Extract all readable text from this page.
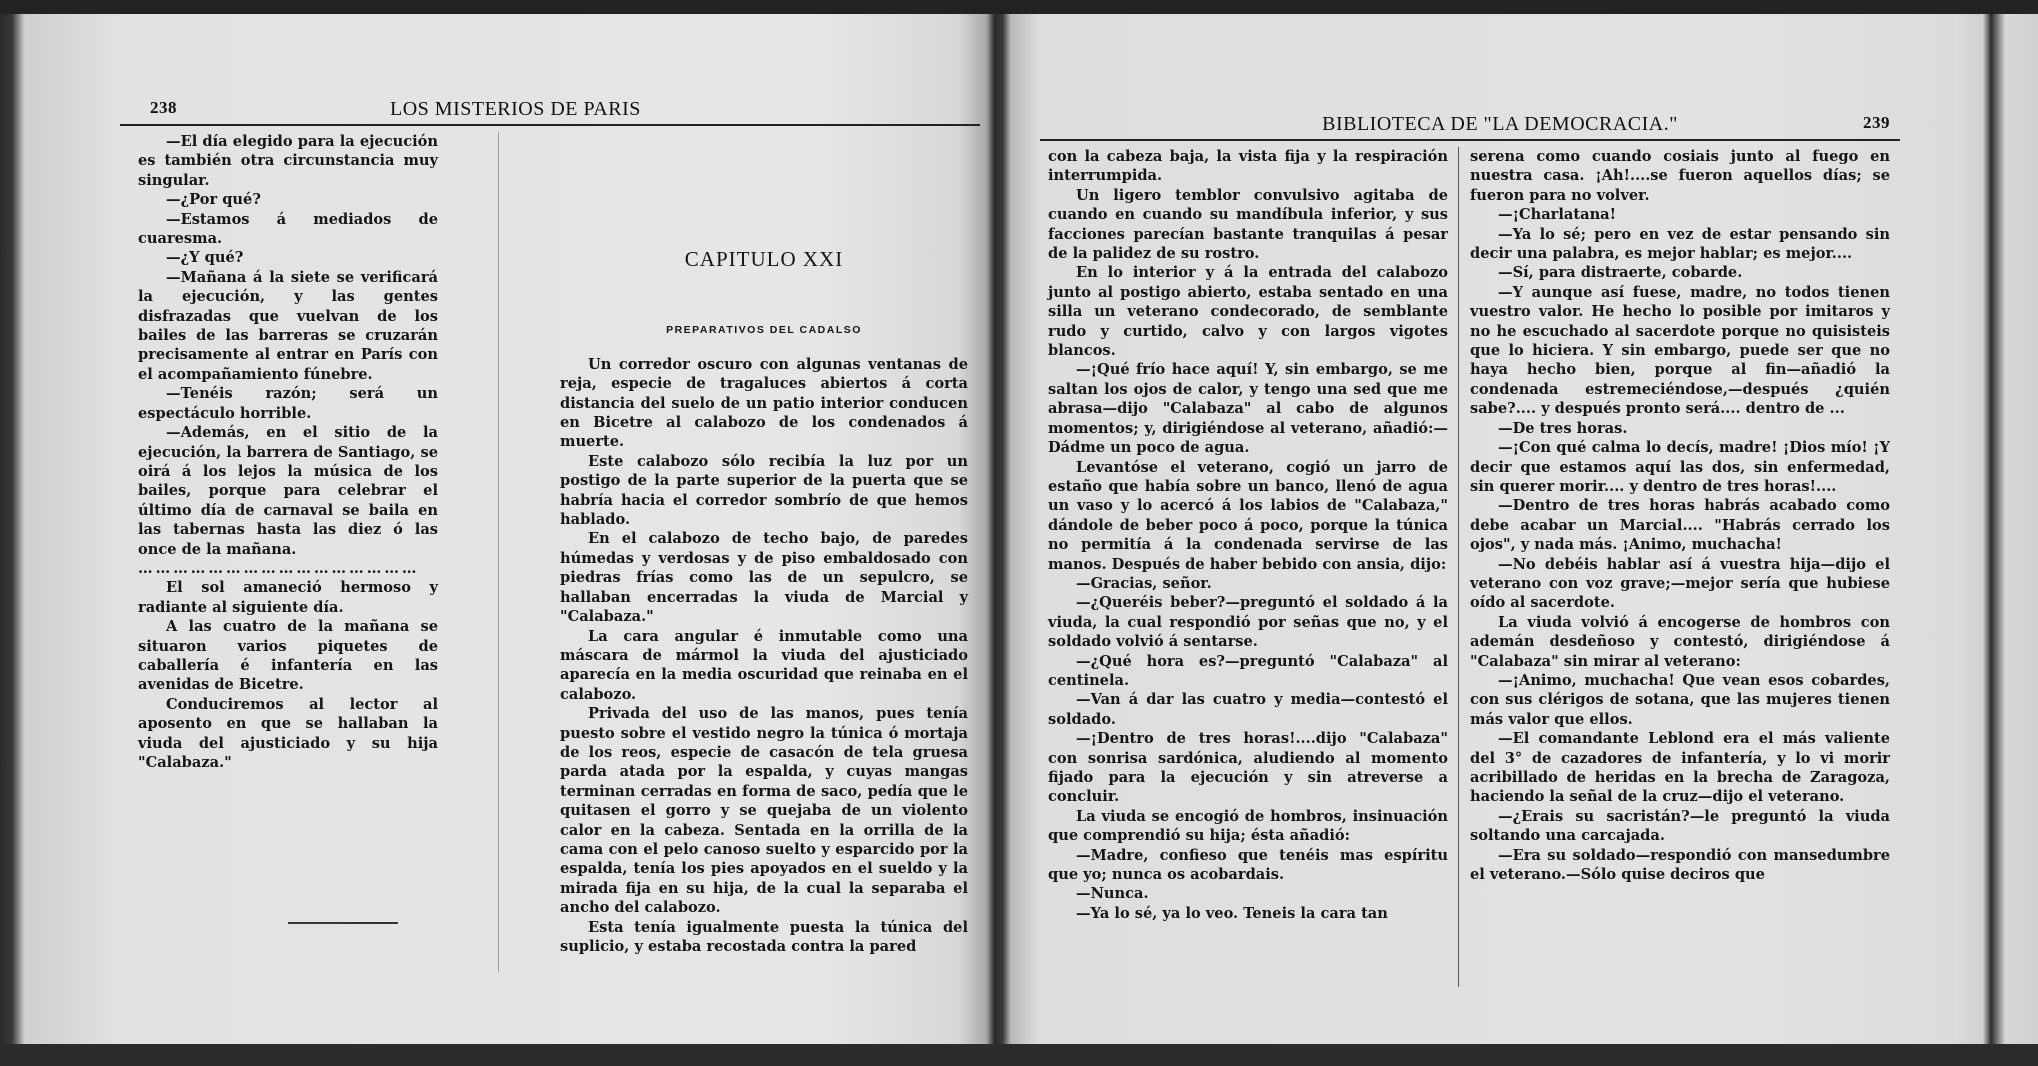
238	LOS MISTERIOS DE PARIS

—El día elegido para la ejecución es también otra circunstancia muy singular.

—¿Por qué?

—Estamos á mediados de cuaresma.

—¿Y qué?

—Mañana á la siete se verificará la ejecución, y las gentes disfrazadas que vuelvan de los bailes de las barreras se cruzarán precisamente al entrar en París con el acompañamiento fúnebre.

—Tenéis razón; será un espectáculo horrible.

—Además, en el sitio de la ejecución, la barrera de Santiago, se oirá á los lejos la música de los bailes, porque para celebrar el último día de carnaval se baila en las tabernas hasta las diez ó las once de la mañana.

…………………………………………

El sol amaneció hermoso y radiante al siguiente día.

A las cuatro de la mañana se situaron varios piquetes de caballería é infantería en las avenidas de Bicetre.

Conduciremos al lector al aposento en que se hallaban la viuda del ajusticiado y su hija "Calabaza."

CAPITULO XXI
PREPARATIVOS DEL CADALSO

Un corredor oscuro con algunas ventanas de reja, especie de tragaluces abiertos á corta distancia del suelo de un patio interior conducen en Bicetre al calabozo de los condenados á muerte.

Este calabozo sólo recibía la luz por un postigo de la parte superior de la puerta que se habría hacia el corredor sombrío de que hemos hablado.

En el calabozo de techo bajo, de paredes húmedas y verdosas y de piso embaldosado con piedras frías como las de un sepulcro, se hallaban encerradas la viuda de Marcial y "Calabaza."

La cara angular é inmutable como una máscara de mármol la viuda del ajusticiado aparecía en la media oscuridad que reinaba en el calabozo.

Privada del uso de las manos, pues tenía puesto sobre el vestido negro la túnica ó mortaja de los reos, especie de casacón de tela gruesa parda atada por la espalda, y cuyas mangas terminan cerradas en forma de saco, pedía que le quitasen el gorro y se quejaba de un violento calor en la cabeza. Sentada en la orrilla de la cama con el pelo canoso suelto y esparcido por la espalda, tenía los pies apoyados en el sueldo y la mirada fija en su hija, de la cual la separaba el ancho del calabozo.

Esta tenía igualmente puesta la túnica del suplicio, y estaba recostada contra la pared

BIBLIOTECA DE "LA DEMOCRACIA."	239

con la cabeza baja, la vista fija y la respiración interrumpida.

Un ligero temblor convulsivo agitaba de cuando en cuando su mandíbula inferior, y sus facciones parecían bastante tranquilas á pesar de la palidez de su rostro.

En lo interior y á la entrada del calabozo junto al postigo abierto, estaba sentado en una silla un veterano condecorado, de semblante rudo y curtido, calvo y con largos vigotes blancos.

—¡Qué frío hace aquí! Y, sin embargo, se me saltan los ojos de calor, y tengo una sed que me abrasa—dijo "Calabaza" al cabo de algunos momentos; y, dirigiéndose al veterano, añadió:—Dádme un poco de agua.

Levantóse el veterano, cogió un jarro de estaño que había sobre un banco, llenó de agua un vaso y lo acercó á los labios de "Calabaza," dándole de beber poco á poco, porque la túnica no permitía á la condenada servirse de las manos. Después de haber bebido con ansia, dijo:

—Gracias, señor.

—¿Queréis beber?—preguntó el soldado á la viuda, la cual respondió por señas que no, y el soldado volvió á sentarse.

—¿Qué hora es?—preguntó "Calabaza" al centinela.

—Van á dar las cuatro y media—contestó el soldado.

—¡Dentro de tres horas!....dijo "Calabaza" con sonrisa sardónica, aludiendo al momento fijado para la ejecución y sin atreverse a concluir.

La viuda se encogió de hombros, insinuación que comprendió su hija; ésta añadió:

—Madre, confieso que tenéis mas espíritu que yo; nunca os acobardais.

—Nunca.

—Ya lo sé, ya lo veo. Teneis la cara tan

serena como cuando cosiais junto al fuego en nuestra casa. ¡Ah!....se fueron aquellos días; se fueron para no volver.

—¡Charlatana!

—Ya lo sé; pero en vez de estar pensando sin decir una palabra, es mejor hablar; es mejor....

—Sí, para distraerte, cobarde.

—Y aunque así fuese, madre, no todos tienen vuestro valor. He hecho lo posible por imitaros y no he escuchado al sacerdote porque no quisisteis que lo hiciera. Y sin embargo, puede ser que no haya hecho bien, porque al fin—añadió la condenada estremeciéndose,—después ¿quién sabe?.... y después pronto será.... dentro de ...

—De tres horas.

—¡Con qué calma lo decís, madre! ¡Dios mío! ¡Y decir que estamos aquí las dos, sin enfermedad, sin querer morir.... y dentro de tres horas!....

—Dentro de tres horas habrás acabado como debe acabar un Marcial.... "Habrás cerrado los ojos", y nada más. ¡Animo, muchacha!

—No debéis hablar así á vuestra hija—dijo el veterano con voz grave;—mejor sería que hubiese oído al sacerdote.

La viuda volvió á encogerse de hombros con ademán desdeñoso y contestó, dirigiéndose á "Calabaza" sin mirar al veterano:

—¡Animo, muchacha! Que vean esos cobardes, con sus clérigos de sotana, que las mujeres tienen más valor que ellos.

—El comandante Leblond era el más valiente del 3° de cazadores de infantería, y lo vi morir acribillado de heridas en la brecha de Zaragoza, haciendo la señal de la cruz—dijo el veterano.

—¿Erais su sacristán?—le preguntó la viuda soltando una carcajada.

—Era su soldado—respondió con mansedumbre el veterano.—Sólo quise deciros que
